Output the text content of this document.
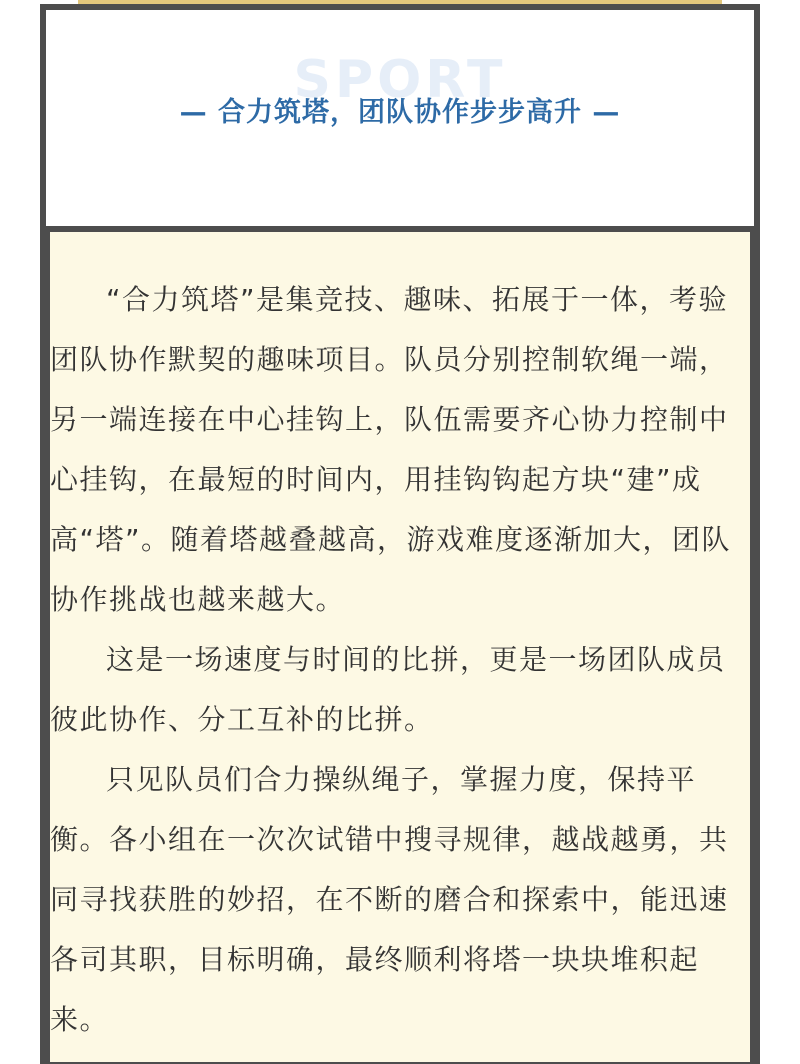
SPORT
— 合力筑塔，团队协作步步高升 —

“合力筑塔”是集竞技、趣味、拓展于一体，考验团队协作默契的趣味项目。队员分别控制软绳一端，另一端连接在中心挂钩上，队伍需要齐心协力控制中心挂钩，在最短的时间内，用挂钩钩起方块“建”成高“塔”。随着塔越叠越高，游戏难度逐渐加大，团队协作挑战也越来越大。

这是一场速度与时间的比拼，更是一场团队成员彼此协作、分工互补的比拼。

只见队员们合力操纵绳子，掌握力度，保持平衡。各小组在一次次试错中搜寻规律，越战越勇，共同寻找获胜的妙招，在不断的磨合和探索中，能迅速各司其职，目标明确，最终顺利将塔一块块堆积起来。
